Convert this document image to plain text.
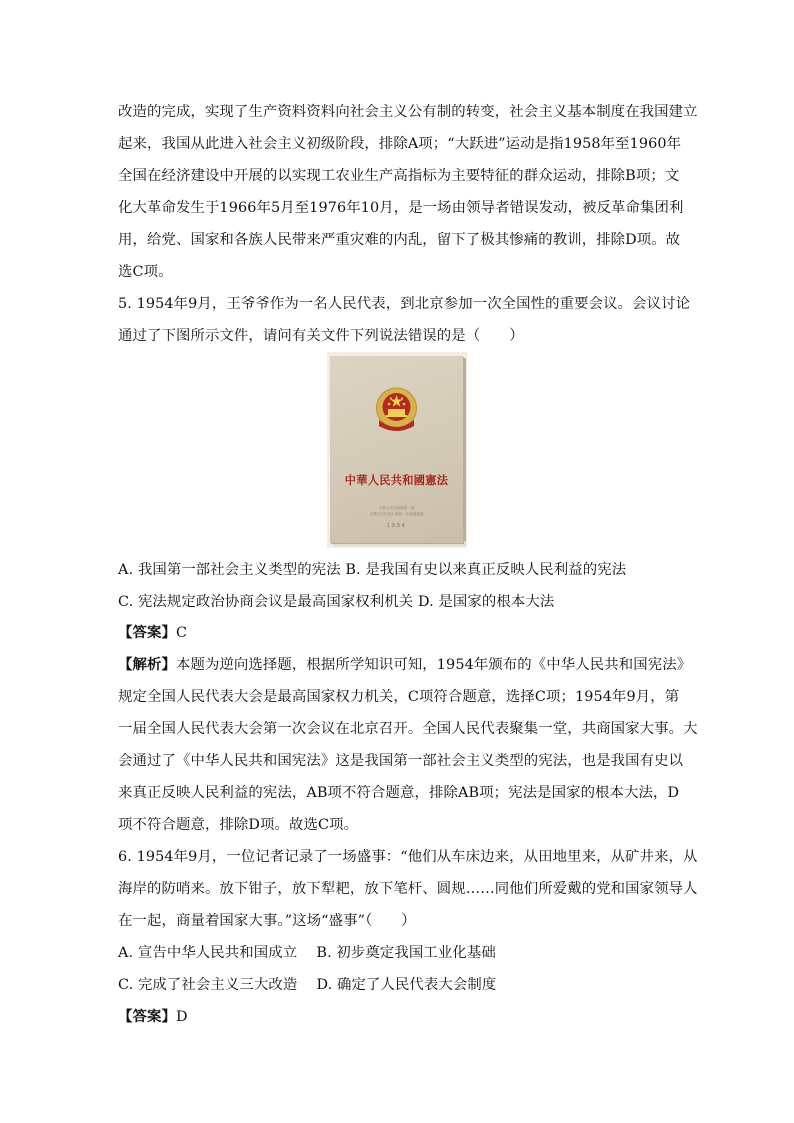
改造的完成，实现了生产资料资料向社会主义公有制的转变，社会主义基本制度在我国建立
起来，我国从此进入社会主义初级阶段，排除A项；“大跃进”运动是指1958年至1960年
全国在经济建设中开展的以实现工农业生产高指标为主要特征的群众运动，排除B项；文
化大革命发生于1966年5月至1976年10月，是一场由领导者错误发动，被反革命集团利
用，给党、国家和各族人民带来严重灾难的内乱，留下了极其惨痛的教训，排除D项。故
选C项。
5. 1954年9月，王爷爷作为一名人民代表，到北京参加一次全国性的重要会议。会议讨论
通过了下图所示文件，请问有关文件下列说法错误的是（　　）
中華人民共和國憲法
中華人民共和國第一屆
全國人民代表大會第一次會議通過
1954
A. 我国第一部社会主义类型的宪法 B. 是我国有史以来真正反映人民利益的宪法
C. 宪法规定政治协商会议是最高国家权利机关 D. 是国家的根本大法
【答案】C
【解析】本题为逆向选择题，根据所学知识可知，1954年颁布的《中华人民共和国宪法》
规定全国人民代表大会是最高国家权力机关，C项符合题意，选择C项；1954年9月，第
一届全国人民代表大会第一次会议在北京召开。全国人民代表聚集一堂，共商国家大事。大
会通过了《中华人民共和国宪法》这是我国第一部社会主义类型的宪法，也是我国有史以
来真正反映人民利益的宪法，AB项不符合题意，排除AB项；宪法是国家的根本大法，D
项不符合题意，排除D项。故选C项。
6. 1954年9月，一位记者记录了一场盛事：“他们从车床边来，从田地里来，从矿井来，从
海岸的防哨来。放下钳子，放下犁耙，放下笔杆、圆规……同他们所爱戴的党和国家领导人
在一起，商量着国家大事。”这场“盛事”（　　）
A. 宣告中华人民共和国成立　 B. 初步奠定我国工业化基础
C. 完成了社会主义三大改造　 D. 确定了人民代表大会制度
【答案】D
